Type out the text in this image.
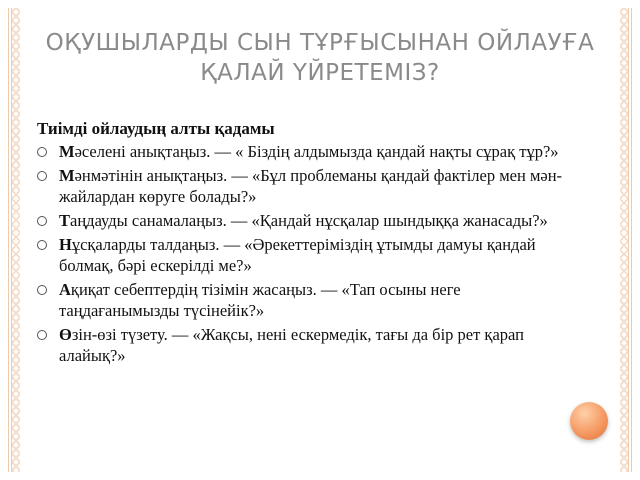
ОҚУШЫЛАРДЫ СЫН ТҰРҒЫСЫНАН ОЙЛАУҒА ҚАЛАЙ ҮЙРЕТЕМІЗ?
Тиімді ойлаудың алты қадамы
Мәселені анықтаңыз. — « Біздің алдымызда қандай нақты сұрақ тұр?»
Мәнмәтінін анықтаңыз. — «Бұл проблеманы қандай фактілер мен мән-жайлардан көруге болады?»
Таңдауды санамалаңыз. — «Қандай нұсқалар шындыққа жанасады?»
Нұсқаларды талдаңыз. — «Әрекеттеріміздің ұтымды дамуы қандай болмақ, бәрі ескерілді ме?»
Ақиқат себептердің тізімін жасаңыз. — «Тап осыны неге таңдағанымызды түсінейік?»
Өзін-өзі түзету. — «Жақсы, нені ескермедік, тағы да бір рет қарап алайық?»
